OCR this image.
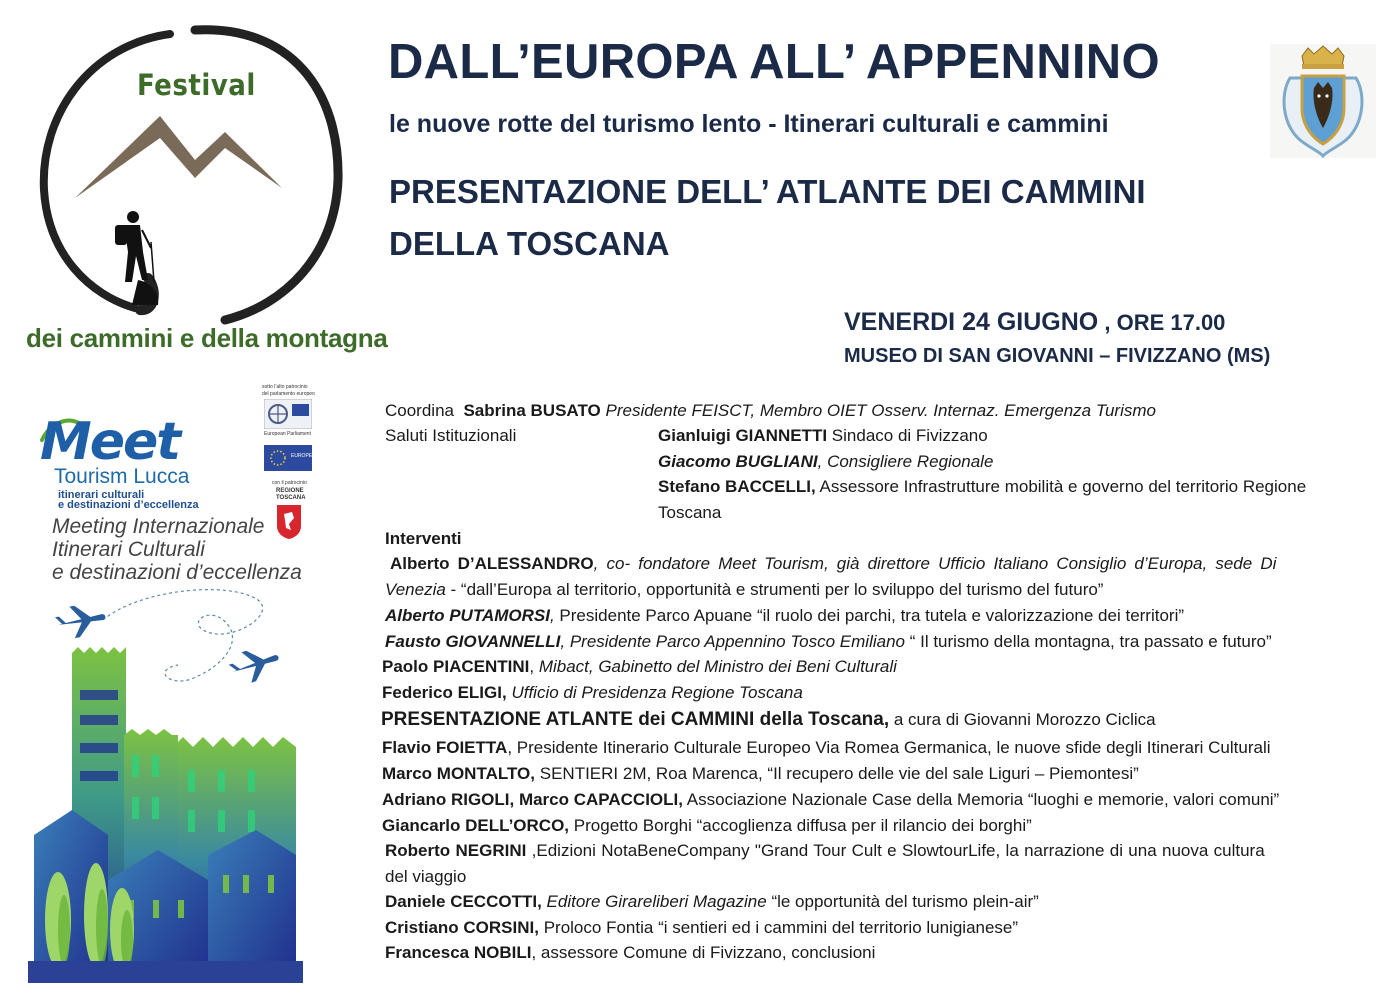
Festival
dei cammini e della montagna
DALL’EUROPA ALL’ APPENNINO
le nuove rotte del turismo lento - Itinerari culturali e cammini
PRESENTAZIONE DELL’ ATLANTE DEI CAMMINI
DELLA TOSCANA
VENERDI 24 GIUGNO , ORE 17.00
MUSEO DI SAN GIOVANNI – FIVIZZANO (MS)
Meet
Tourism Lucca
itinerari culturali
e destinazioni d’eccellenza
Meeting Internazionale
Itinerari Culturali
e destinazioni d’eccellenza
sotto l’alto patrocinio
del parlamento europeo
European Parliament
EUROPE
con il patrocinio
REGIONE
TOSCANA
Coordina Sabrina BUSATO Presidente FEISCT, Membro OIET Osserv. Internaz. Emergenza Turismo
Saluti Istituzionali	Gianluigi GIANNETTI Sindaco di Fivizzano
Giacomo BUGLIANI, Consigliere Regionale
Stefano BACCELLI, Assessore Infrastrutture mobilità e governo del territorio Regione
Toscana
Interventi
Alberto D’ALESSANDRO, co- fondatore Meet Tourism, già direttore Ufficio Italiano Consiglio d’Europa, sede Di
Venezia - “dall’Europa al territorio, opportunità e strumenti per lo sviluppo del turismo del futuro”
Alberto PUTAMORSI, Presidente Parco Apuane “il ruolo dei parchi, tra tutela e valorizzazione dei territori”
Fausto GIOVANNELLI, Presidente Parco Appennino Tosco Emiliano “ Il turismo della montagna, tra passato e futuro”
Paolo PIACENTINI, Mibact, Gabinetto del Ministro dei Beni Culturali
Federico ELIGI, Ufficio di Presidenza Regione Toscana
PRESENTAZIONE ATLANTE dei CAMMINI della Toscana, a cura di Giovanni Morozzo Ciclica
Flavio FOIETTA, Presidente Itinerario Culturale Europeo Via Romea Germanica, le nuove sfide degli Itinerari Culturali
Marco MONTALTO, SENTIERI 2M, Roa Marenca, “Il recupero delle vie del sale Liguri – Piemontesi”
Adriano RIGOLI, Marco CAPACCIOLI, Associazione Nazionale Case della Memoria “luoghi e memorie, valori comuni”
Giancarlo DELL’ORCO, Progetto Borghi “accoglienza diffusa per il rilancio dei borghi”
Roberto NEGRINI ,Edizioni NotaBeneCompany "Grand Tour Cult e SlowtourLife, la narrazione di una nuova cultura
del viaggio
Daniele CECCOTTI, Editore Girareliberi Magazine “le opportunità del turismo plein-air”
Cristiano CORSINI, Proloco Fontia “i sentieri ed i cammini del territorio lunigianese”
Francesca NOBILI, assessore Comune di Fivizzano, conclusioni
